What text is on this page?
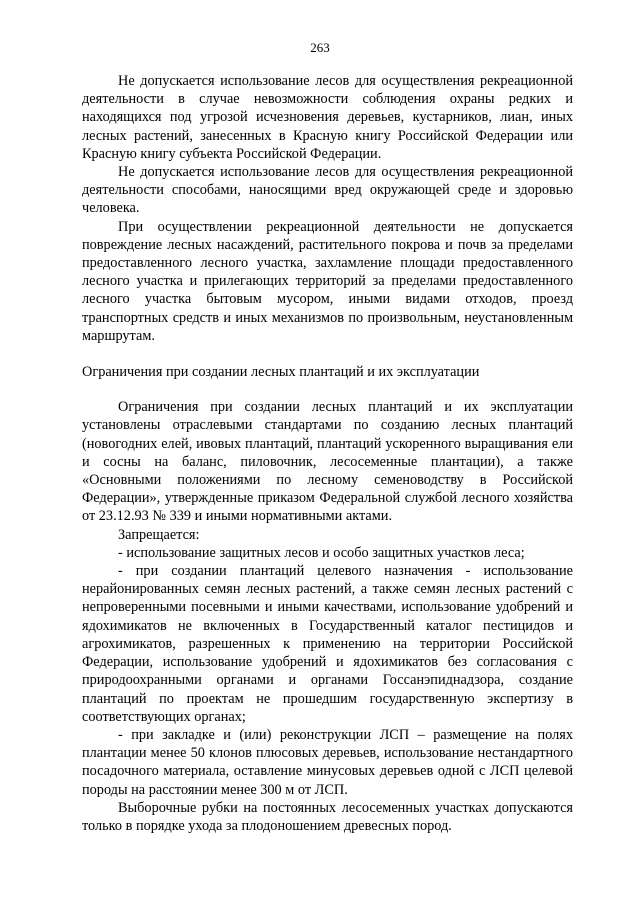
263

Не допускается использование лесов для осуществления рекреационной деятельности в случае невозможности соблюдения охраны редких и находящихся под угрозой исчезновения деревьев, кустарников, лиан, иных лесных растений, занесенных в Красную книгу Российской Федерации или Красную книгу субъекта Российской Федерации.

Не допускается использование лесов для осуществления рекреационной деятельности способами, наносящими вред окружающей среде и здоровью человека.

При осуществлении рекреационной деятельности не допускается повреждение лесных насаждений, растительного покрова и почв за пределами предоставленного лесного участка, захламление площади предоставленного лесного участка и прилегающих территорий за пределами предоставленного лесного участка бытовым мусором, иными видами отходов, проезд транспортных средств и иных механизмов по произвольным, неустановленным маршрутам.

Ограничения при создании лесных плантаций и их эксплуатации

Ограничения при создании лесных плантаций и их эксплуатации установлены отраслевыми стандартами по созданию лесных плантаций (новогодних елей, ивовых плантаций, плантаций ускоренного выращивания ели и сосны на баланс, пиловочник, лесосеменные плантации), а также «Основными положениями по лесному семеноводству в Российской Федерации», утвержденные приказом Федеральной службой лесного хозяйства от 23.12.93 № 339 и иными нормативными актами.

Запрещается:

- использование защитных лесов и особо защитных участков леса;

- при создании плантаций целевого назначения - использование нерайонированных семян лесных растений, а также семян лесных растений с непроверенными посевными и иными качествами, использование удобрений и ядохимикатов не включенных в Государственный каталог пестицидов и агрохимикатов, разрешенных к применению на территории Российской Федерации, использование удобрений и ядохимикатов без согласования с природоохранными органами и органами Госсанэпиднадзора, создание плантаций по проектам не прошедшим государственную экспертизу в соответствующих органах;

- при закладке и (или) реконструкции ЛСП – размещение на полях плантации менее 50 клонов плюсовых деревьев, использование нестандартного посадочного материала, оставление минусовых деревьев одной с ЛСП целевой породы на расстоянии менее 300 м от ЛСП.

Выборочные рубки на постоянных лесосеменных участках допускаются только в порядке ухода за плодоношением древесных пород.
